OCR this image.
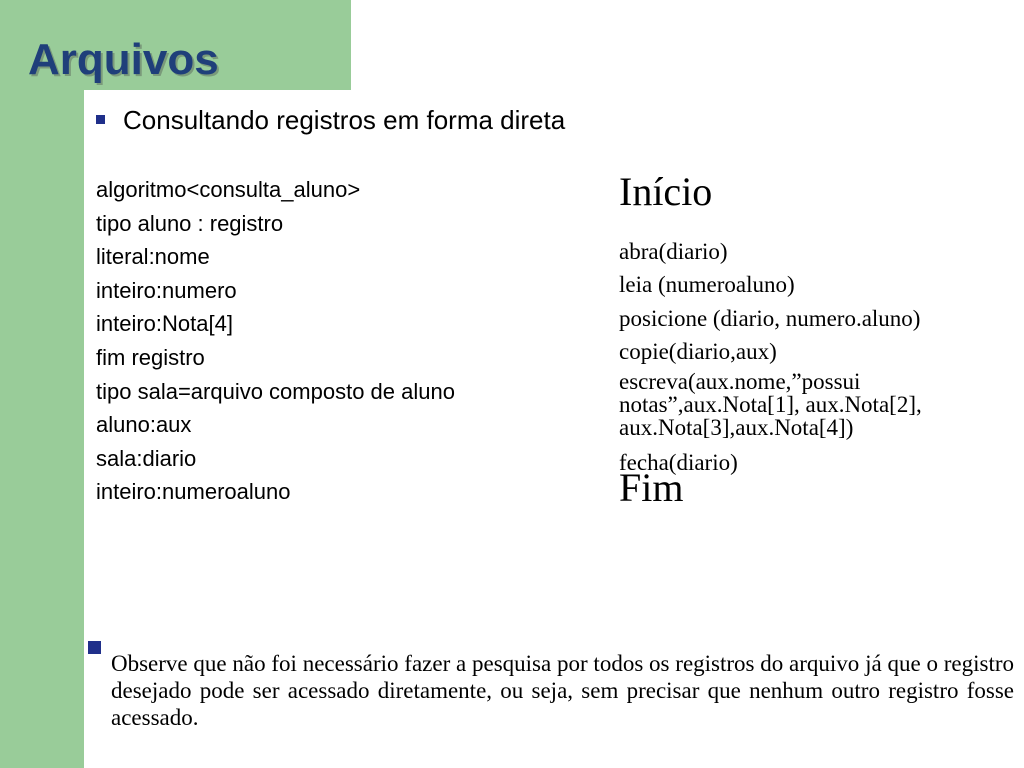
Arquivos
Consultando registros em forma direta
algoritmo<consulta_aluno>
tipo aluno : registro
literal:nome
inteiro:numero
inteiro:Nota[4]
fim registro
tipo sala=arquivo composto de aluno
aluno:aux
sala:diario
inteiro:numeroaluno
Início
abra(diario)
leia (numeroaluno)
posicione (diario, numero.aluno)
copie(diario,aux)
escreva(aux.nome,”possui
notas”,aux.Nota[1], aux.Nota[2],
aux.Nota[3],aux.Nota[4])
fecha(diario)
Fim

Observe que não foi necessário fazer a pesquisa por todos os registros do arquivo já que o registro desejado pode ser acessado diretamente, ou seja, sem precisar que nenhum outro registro fosse acessado.
